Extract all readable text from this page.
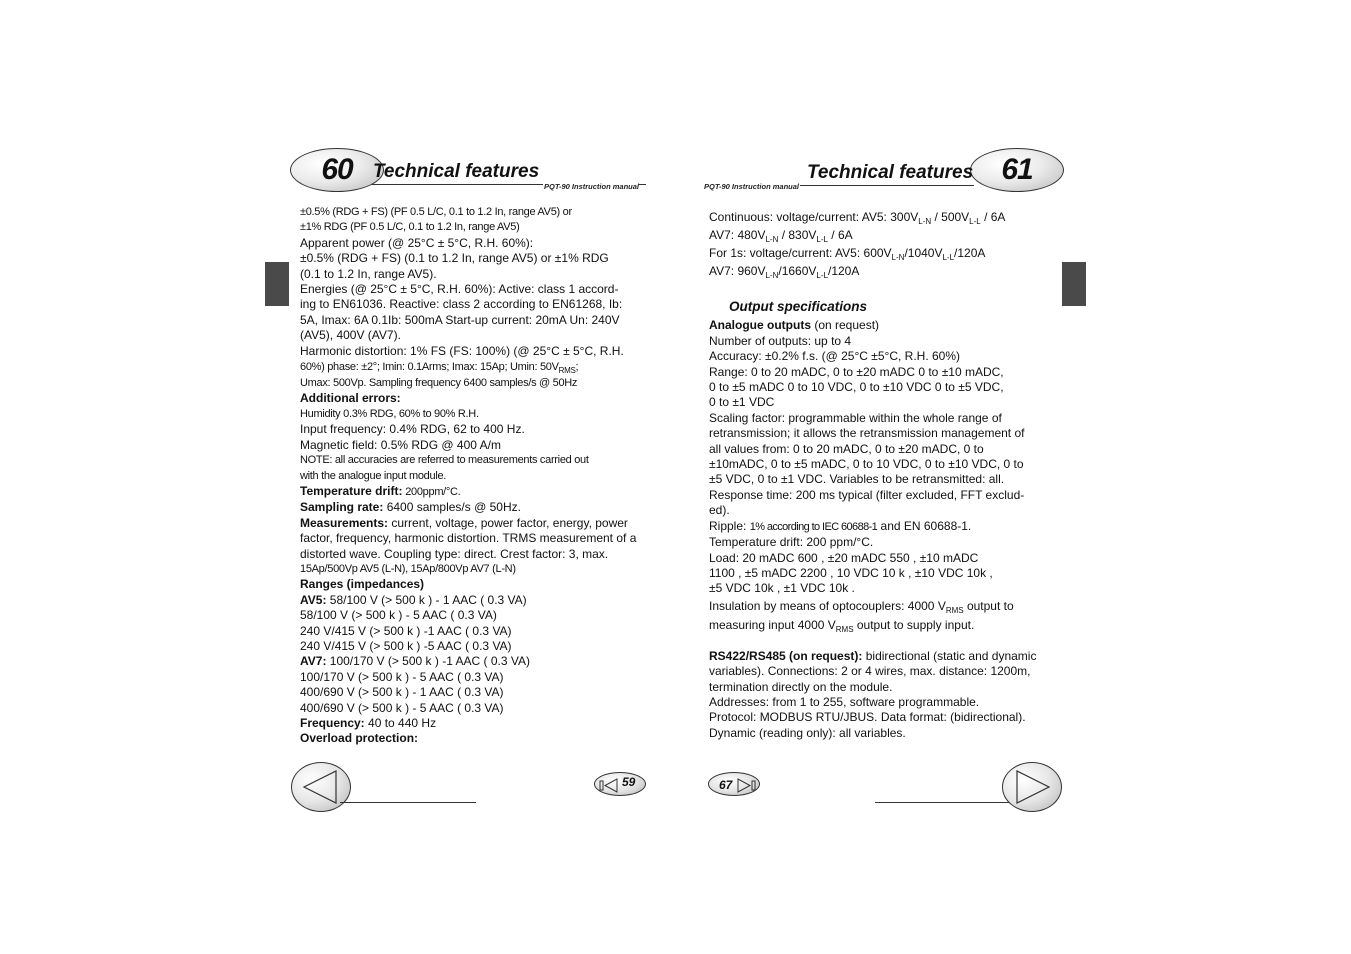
60 Technical features
PQT-90 Instruction manual

±0.5% (RDG + FS) (PF 0.5 L/C, 0.1 to 1.2 In, range AV5) or

±1% RDG (PF 0.5 L/C, 0.1 to 1.2 In, range AV5)

Apparent power (@ 25°C ± 5°C, R.H. 60%):

±0.5% (RDG + FS) (0.1 to 1.2 In, range AV5) or ±1% RDG

(0.1 to 1.2 In, range AV5).

Energies (@ 25°C ± 5°C, R.H. 60%): Active: class 1 accord-

ing to EN61036. Reactive: class 2 according to EN61268, Ib:

5A, Imax: 6A 0.1Ib: 500mA Start-up current: 20mA Un: 240V

(AV5), 400V (AV7).

Harmonic distortion: 1% FS (FS: 100%) (@ 25°C ± 5°C, R.H.

60%) phase: ±2°; Imin: 0.1Arms; Imax: 15Ap; Umin: $50V_{RMS}$;

Umax: 500Vp. Sampling frequency 6400 samples/s @ 50Hz

Additional errors:

Humidity 0.3% RDG, 60% to 90% R.H.

Input frequency: 0.4% RDG, 62 to 400 Hz.

Magnetic field: 0.5% RDG @ 400 A/m

NOTE: all accuracies are referred to measurements carried out

with the analogue input module.

Temperature drift: 200ppm/°C.

Sampling rate: 6400 samples/s @ 50Hz.

Measurements: current, voltage, power factor, energy, power

factor, frequency, harmonic distortion. TRMS measurement of a

distorted wave. Coupling type: direct. Crest factor: 3, max.

15Ap/500Vp AV5 (L-N), 15Ap/800Vp AV7 (L-N)

Ranges (impedances)

AV5: 58/100 V (> 500 k ) - 1 AAC ( 0.3 VA)

58/100 V (> 500 k ) - 5 AAC ( 0.3 VA)

240 V/415 V (> 500 k ) -1 AAC ( 0.3 VA)

240 V/415 V (> 500 k ) -5 AAC ( 0.3 VA)

AV7: 100/170 V (> 500 k ) -1 AAC ( 0.3 VA)

100/170 V (> 500 k ) - 5 AAC ( 0.3 VA)

400/690 V (> 500 k ) - 1 AAC ( 0.3 VA)

400/690 V (> 500 k ) - 5 AAC ( 0.3 VA)

Frequency: 40 to 440 Hz

Overload protection:

59
61
Technical features
PQT-90 Instruction manual

Continuous: voltage/current: AV5: $300V_{L-N} / 500V_{L-L} / 6A$

AV7: $480V_{L-N} / 830V_{L-L} / 6A$

For 1s: voltage/current: AV5: $600V_{L-N}/1040V_{L-L}/120A$

AV7: $960V_{L-N}/1660V_{L-L}/120A$

Output specifications

Analogue outputs (on request)

Number of outputs: up to 4

Accuracy: ±0.2% f.s. (@ 25°C ±5°C, R.H. 60%)

Range: 0 to 20 mADC, 0 to ±20 mADC 0 to ±10 mADC,

0 to ±5 mADC 0 to 10 VDC, 0 to ±10 VDC 0 to ±5 VDC,

0 to ±1 VDC

Scaling factor: programmable within the whole range of

retransmission; it allows the retransmission management of

all values from: 0 to 20 mADC, 0 to ±20 mADC, 0 to

±10mADC, 0 to ±5 mADC, 0 to 10 VDC, 0 to ±10 VDC, 0 to

±5 VDC, 0 to ±1 VDC. Variables to be retransmitted: all.

Response time: 200 ms typical (filter excluded, FFT exclud-

ed).

Ripple: 1% according to IEC 60688-1 and EN 60688-1.

Temperature drift: 200 ppm/°C.

Load: 20 mADC 600 , ±20 mADC 550 , ±10 mADC

1100 , ±5 mADC 2200 , 10 VDC 10 k , ±10 VDC 10k ,

±5 VDC 10k , ±1 VDC 10k .

Insulation by means of optocouplers: 4000 $V_{RMS}$ output to

measuring input 4000 $V_{RMS}$ output to supply input.

RS422/RS485 (on request): bidirectional (static and dynamic

variables). Connections: 2 or 4 wires, max. distance: 1200m,

termination directly on the module.

Addresses: from 1 to 255, software programmable.

Protocol: MODBUS RTU/JBUS. Data format: (bidirectional).

Dynamic (reading only): all variables.

67
